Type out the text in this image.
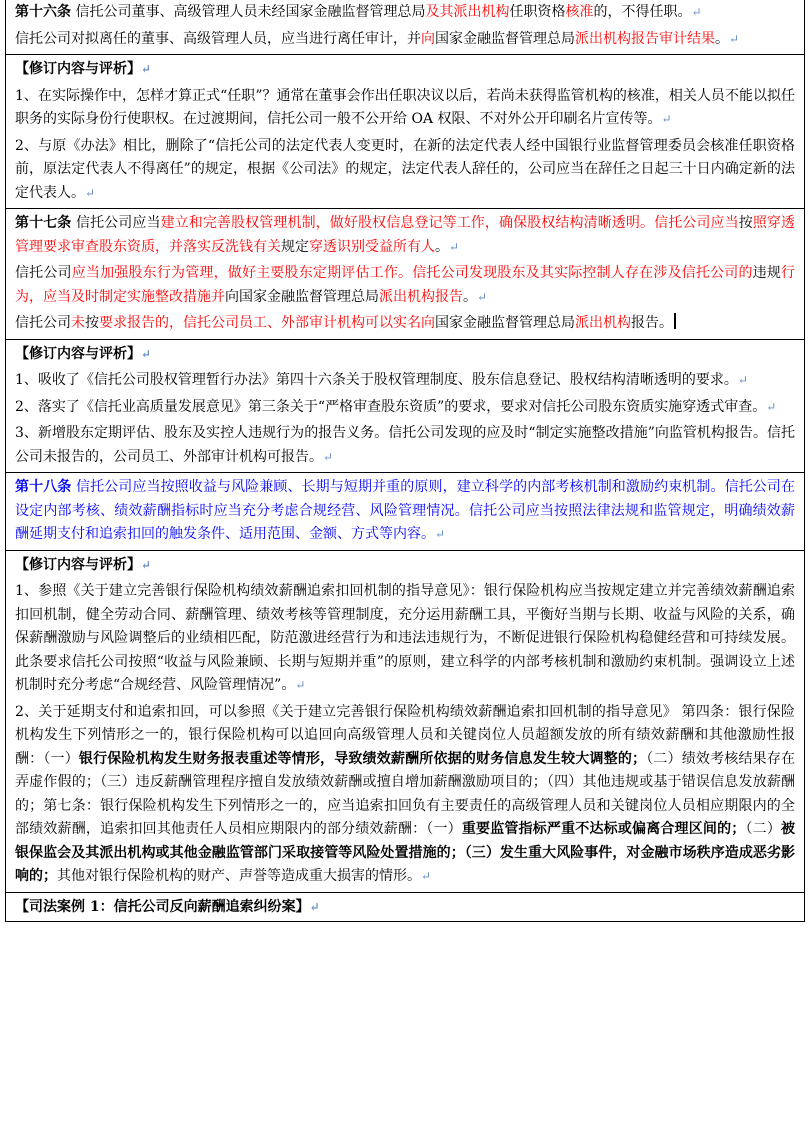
第十六条 信托公司董事、高级管理人员未经国家金融监督管理总局及其派出机构任职资格核准的，不得任职。↵

信托公司对拟离任的董事、高级管理人员，应当进行离任审计，并向国家金融监督管理总局派出机构报告审计结果。↵

【修订内容与评析】↵

1、在实际操作中，怎样才算正式“任职”？通常在董事会作出任职决议以后，若尚未获得监管机构的核准，相关人员不能以拟任职务的实际身份行使职权。在过渡期间，信托公司一般不公开给 OA 权限、不对外公开印刷名片宣传等。↵

2、与原《办法》相比，删除了“信托公司的法定代表人变更时，在新的法定代表人经中国银行业监督管理委员会核准任职资格前，原法定代表人不得离任”的规定，根据《公司法》的规定，法定代表人辞任的，公司应当在辞任之日起三十日内确定新的法定代表人。↵

第十七条 信托公司应当建立和完善股权管理机制，做好股权信息登记等工作，确保股权结构清晰透明。信托公司应当按照穿透管理要求审查股东资质，并落实反洗钱有关规定穿透识别受益所有人。↵

信托公司应当加强股东行为管理，做好主要股东定期评估工作。信托公司发现股东及其实际控制人存在涉及信托公司的违规行为，应当及时制定实施整改措施并向国家金融监督管理总局派出机构报告。↵

信托公司未按要求报告的，信托公司员工、外部审计机构可以实名向国家金融监督管理总局派出机构报告。

【修订内容与评析】↵

1、吸收了《信托公司股权管理暂行办法》第四十六条关于股权管理制度、股东信息登记、股权结构清晰透明的要求。↵

2、落实了《信托业高质量发展意见》第三条关于“严格审查股东资质”的要求，要求对信托公司股东资质实施穿透式审查。↵

3、新增股东定期评估、股东及实控人违规行为的报告义务。信托公司发现的应及时“制定实施整改措施”向监管机构报告。信托公司未报告的，公司员工、外部审计机构可报告。↵

第十八条 信托公司应当按照收益与风险兼顾、长期与短期并重的原则，建立科学的内部考核机制和激励约束机制。信托公司在设定内部考核、绩效薪酬指标时应当充分考虑合规经营、风险管理情况。信托公司应当按照法律法规和监管规定，明确绩效薪酬延期支付和追索扣回的触发条件、适用范围、金额、方式等内容。↵

【修订内容与评析】↵

1、参照《关于建立完善银行保险机构绩效薪酬追索扣回机制的指导意见》：银行保险机构应当按规定建立并完善绩效薪酬追索扣回机制，健全劳动合同、薪酬管理、绩效考核等管理制度，充分运用薪酬工具，平衡好当期与长期、收益与风险的关系，确保薪酬激励与风险调整后的业绩相匹配，防范激进经营行为和违法违规行为，不断促进银行保险机构稳健经营和可持续发展。此条要求信托公司按照“收益与风险兼顾、长期与短期并重”的原则，建立科学的内部考核机制和激励约束机制。强调设立上述机制时充分考虑“合规经营、风险管理情况”。↵

2、关于延期支付和追索扣回，可以参照《关于建立完善银行保险机构绩效薪酬追索扣回机制的指导意见》 第四条：银行保险机构发生下列情形之一的，银行保险机构可以追回向高级管理人员和关键岗位人员超额发放的所有绩效薪酬和其他激励性报酬：（一）银行保险机构发生财务报表重述等情形，导致绩效薪酬所依据的财务信息发生较大调整的；（二）绩效考核结果存在弄虚作假的；（三）违反薪酬管理程序擅自发放绩效薪酬或擅自增加薪酬激励项目的；（四）其他违规或基于错误信息发放薪酬的；第七条：银行保险机构发生下列情形之一的，应当追索扣回负有主要责任的高级管理人员和关键岗位人员相应期限内的全部绩效薪酬，追索扣回其他责任人员相应期限内的部分绩效薪酬：（一）重要监管指标严重不达标或偏离合理区间的；（二）被银保监会及其派出机构或其他金融监管部门采取接管等风险处置措施的；（三）发生重大风险事件，对金融市场秩序造成恶劣影响的；其他对银行保险机构的财产、声誉等造成重大损害的情形。↵

【司法案例 1：信托公司反向薪酬追索纠纷案】↵
